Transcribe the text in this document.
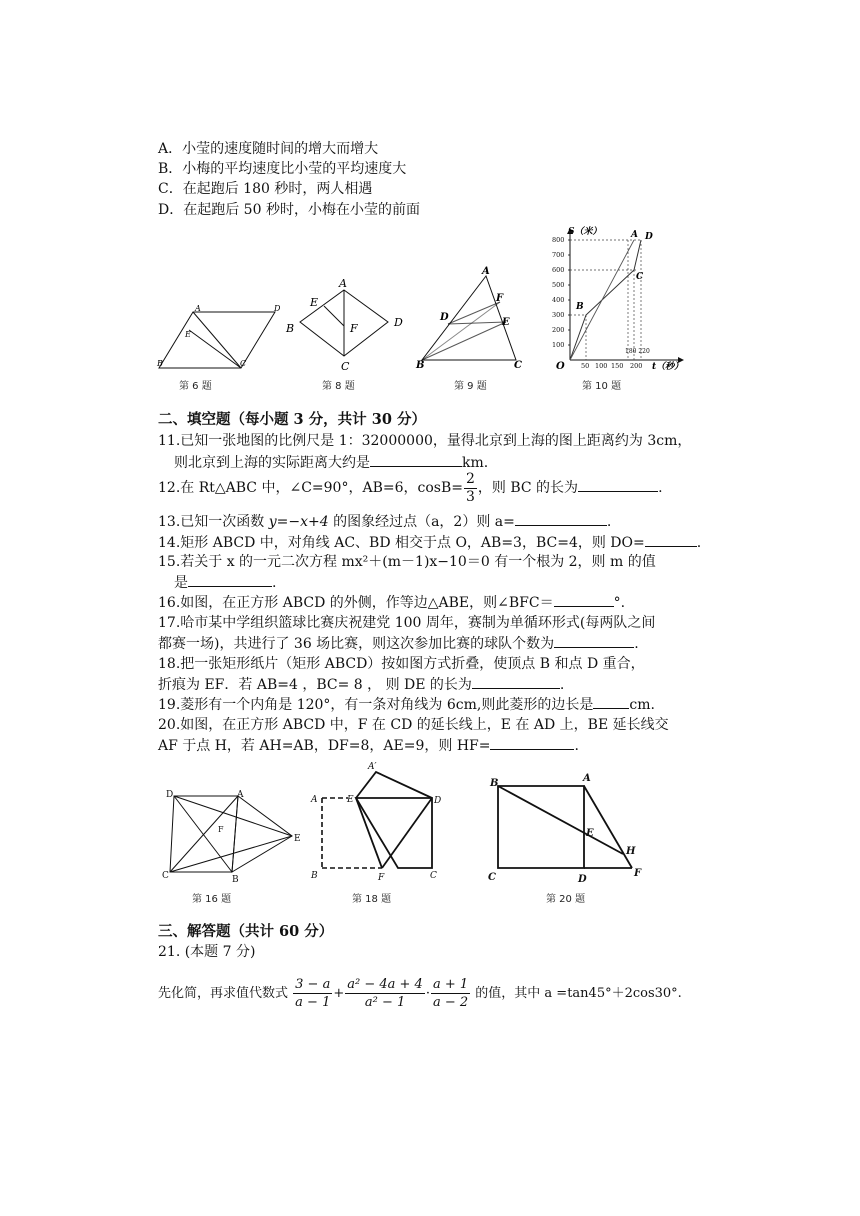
A．小莹的速度随时间的增大而增大
B．小梅的平均速度比小莹的平均速度大
C．在起跑后 180 秒时，两人相遇
D．在起跑后 50 秒时，小梅在小莹的前面
A	D
B	C
E
第 6 题
A
B
C
D
E
F
第 8 题
A
B	C
D	E
F
第 9 题
800
700
600
500
400
300
200
100
50 100 150 200
180 220
S（米）
t（秒）
O
A D
C
B
第 10 题
二、填空题（每小题 3 分，共计 30 分）
11.已知一张地图的比例尺是 1：32000000，量得北京到上海的图上距离约为 3cm，
则北京到上海的实际距离大约是	km.
12.在 Rt△ABC 中，∠C=90°，AB=6，$\cos B= \frac{2}{3}$ ，则 BC 的长为	.
13.已知一次函数 y=−x+4 的图象经过点（a，2）则 a=	.
14.矩形 ABCD 中，对角线 AC、BD 相交于点 O，AB=3，BC=4，则 DO=	.
15.若关于 x 的一元二次方程 mx²＋(m－1)x−10＝0 有一个根为 2，则 m 的值
是	.
16.如图，在正方形 ABCD 的外侧，作等边△ABE，则∠BFC＝	°.
17.哈市某中学组织篮球比赛庆祝建党 100 周年，赛制为单循环形式(每两队之间
都赛一场)，共进行了 36 场比赛，则这次参加比赛的球队个数为	.
18.把一张矩形纸片（矩形 ABCD）按如图方式折叠，使顶点 B 和点 D 重合，
折痕为 EF．若 AB=4 ，BC= 8 ， 则 DE 的长为	.
19.菱形有一个内角是 120°，有一条对角线为 6cm,则此菱形的边长是	cm.
20.如图，在正方形 ABCD 中，F 在 CD 的延长线上，E 在 AD 上，BE 延长线交
AF 于点 H，若 AH=AB，DF=8，AE=9，则 HF=	.
D	A
C	B
E
F
第 16 题
A′
A	E	D
B	F	C
第 18 题
B	A
C	D
E
F
H
第 20 题
三、解答题（共计 60 分）
21. (本题 7 分)
先化简，再求值代数式 $\frac{3 - a}{a - 1} + \frac{\text{a² − 4a + 4}}{\text{a² − 1}} \cdot \frac{a + 1}{a - 2}$ 的值，其中 a =tan45°＋2cos30°.
